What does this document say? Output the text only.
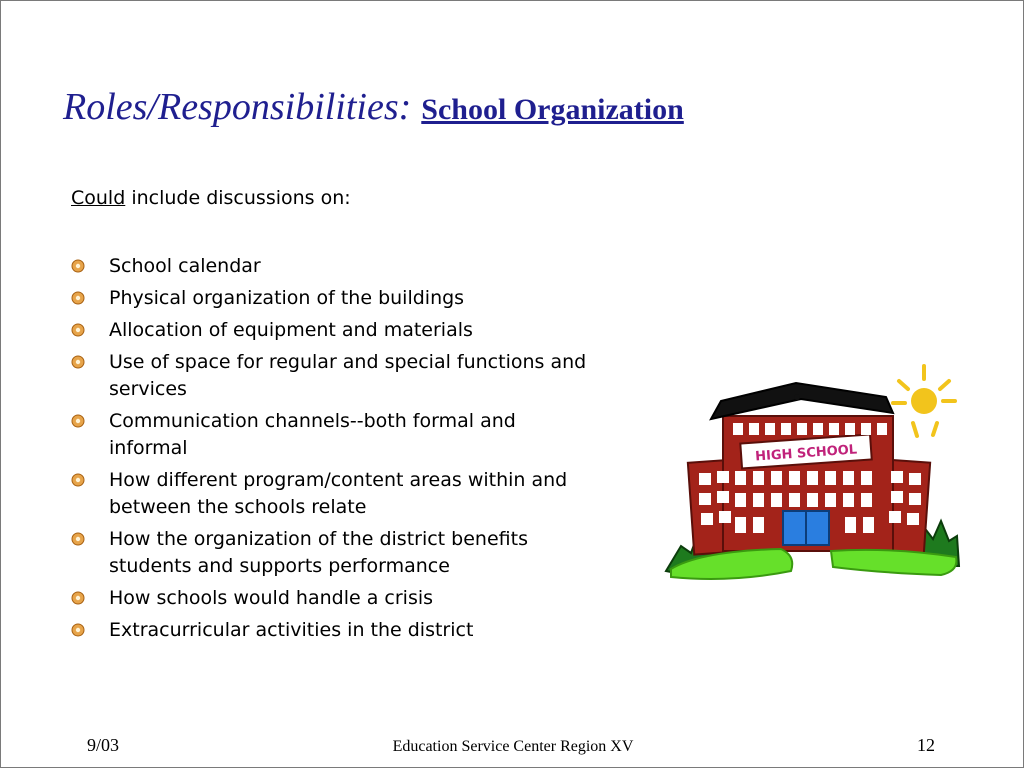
Roles/Responsibilities: School Organization
Could include discussions on:
School calendar
Physical organization of the buildings
Allocation of equipment and materials
Use of space for regular and special functions and services
Communication channels--both formal and informal
How different program/content areas within and between the schools relate
How the organization of the district benefits students and supports performance
How schools would handle a crisis
Extracurricular activities in the district
HIGH SCHOOL
9/03	Education Service Center Region XV	12
